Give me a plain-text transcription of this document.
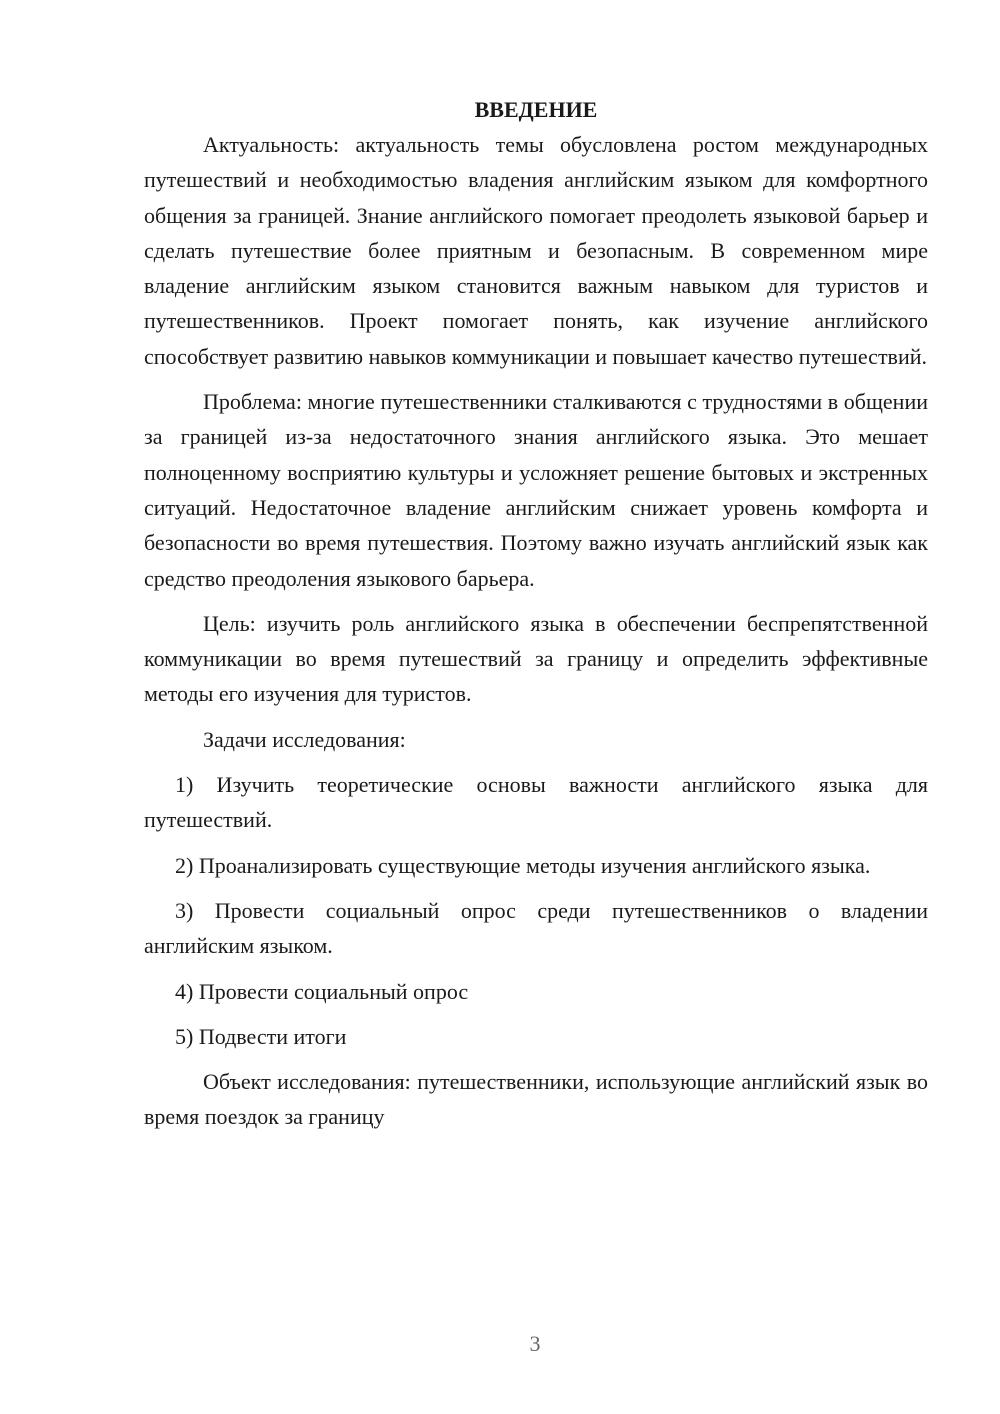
ВВЕДЕНИЕ

Актуальность: актуальность темы обусловлена ростом международных путешествий и необходимостью владения английским языком для комфортного общения за границей. Знание английского помогает преодолеть языковой барьер и сделать путешествие более приятным и безопасным. В современном мире владение английским языком становится важным навыком для туристов и путешественников. Проект помогает понять, как изучение английского способствует развитию навыков коммуникации и повышает качество путешествий.

Проблема: многие путешественники сталкиваются с трудностями в общении за границей из-за недостаточного знания английского языка. Это мешает полноценному восприятию культуры и усложняет решение бытовых и экстренных ситуаций. Недостаточное владение английским снижает уровень комфорта и безопасности во время путешествия. Поэтому важно изучать английский язык как средство преодоления языкового барьера.

Цель: изучить роль английского языка в обеспечении беспрепятственной коммуникации во время путешествий за границу и определить эффективные методы его изучения для туристов.

Задачи исследования:

1) Изучить теоретические основы важности английского языка для путешествий.

2) Проанализировать существующие методы изучения английского языка.

3) Провести социальный опрос среди путешественников о владении английским языком.

4) Провести социальный опрос

5) Подвести итоги

Объект исследования: путешественники, использующие английский язык во время поездок за границу

3
